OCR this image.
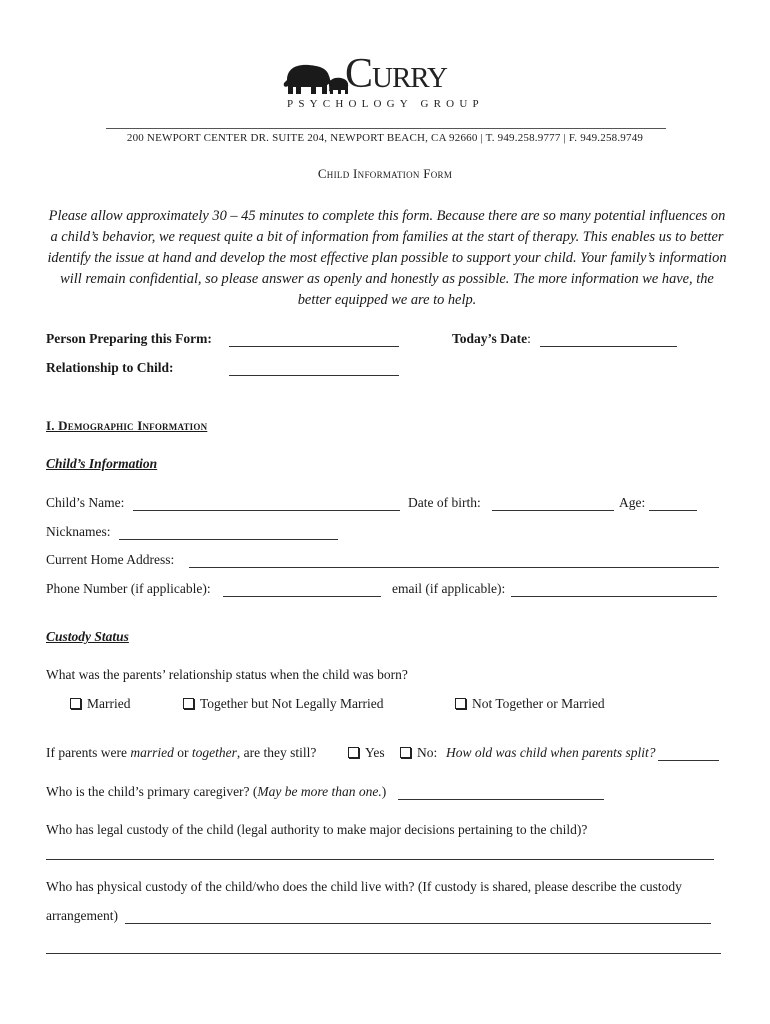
Curry
PSYCHOLOGY GROUP
200 NEWPORT CENTER DR. SUITE 204, NEWPORT BEACH, CA 92660 | T. 949.258.9777 | F. 949.258.9749
Child Information Form
Please allow approximately 30 – 45 minutes to complete this form. Because there are so many potential influences on a child’s behavior, we request quite a bit of information from families at the start of therapy. This enables us to better identify the issue at hand and develop the most effective plan possible to support your child. Your family’s information will remain confidential, so please answer as openly and honestly as possible. The more information we have, the better equipped we are to help.
Person Preparing this Form:	Today’s Date:
Relationship to Child:
I. Demographic Information
Child’s Information
Child’s Name:	Date of birth:	Age:
Nicknames:
Current Home Address:
Phone Number (if applicable):	email (if applicable):
Custody Status
What was the parents’ relationship status when the child was born?
Married	Together but Not Legally Married	Not Together or Married
If parents were married or together, are they still?	Yes	No: How old was child when parents split?
Who is the child’s primary caregiver? (May be more than one.)
Who has legal custody of the child (legal authority to make major decisions pertaining to the child)?
Who has physical custody of the child/who does the child live with? (If custody is shared, please describe the custody
arrangement)
